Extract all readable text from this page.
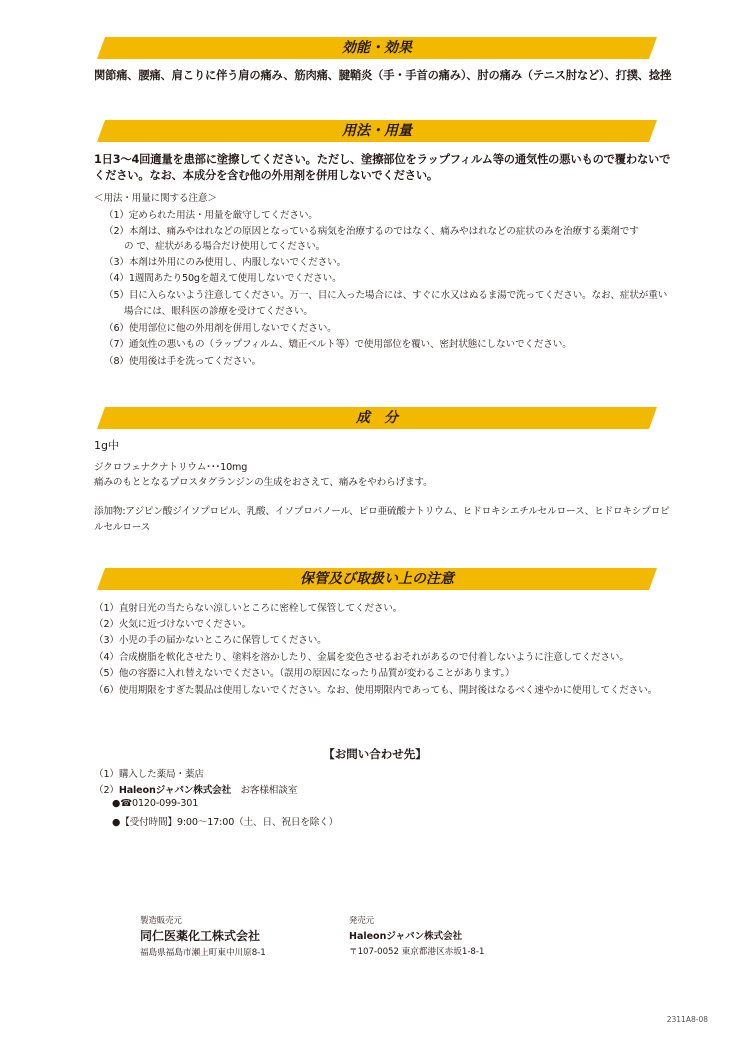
効能・効果
関節痛、腰痛、肩こりに伴う肩の痛み、筋肉痛、腱鞘炎（手・手首の痛み）、肘の痛み（テニス肘など）、打撲、捻挫
用法・用量
1日3〜4回適量を患部に塗擦してください。ただし、塗擦部位をラップフィルム等の通気性の悪いもので覆わないで
ください。なお、本成分を含む他の外用剤を併用しないでください。
＜用法・用量に関する注意＞
（1）定められた用法・用量を厳守してください。
（2）本剤は、痛みやはれなどの原因となっている病気を治療するのではなく、痛みやはれなどの症状のみを治療する薬剤です
の で、症状がある場合だけ使用してください。
（3）本剤は外用にのみ使用し、内服しないでください。
（4）1週間あたり50gを超えて使用しないでください。
（5）目に入らないよう注意してください。万一、目に入った場合には、すぐに水又はぬるま湯で洗ってください。なお、症状が重い
場合には、眼科医の診療を受けてください。
（6）使用部位に他の外用剤を併用しないでください。
（7）通気性の悪いもの（ラップフィルム、矯正ベルト等）で使用部位を覆い、密封状態にしないでください。
（8）使用後は手を洗ってください。
成　分
1g中
ジクロフェナクナトリウム･･･10mg
痛みのもととなるプロスタグランジンの生成をおさえて、痛みをやわらげます。
添加物:アジピン酸ジイソプロピル、乳酸、イソプロパノール、ピロ亜硫酸ナトリウム、ヒドロキシエチルセルロース、ヒドロキシプロピ
ルセルロース
保管及び取扱い上の注意
（1）直射日光の当たらない涼しいところに密栓して保管してください。
（2）火気に近づけないでください。
（3）小児の手の届かないところに保管してください。
（4）合成樹脂を軟化させたり、塗料を溶かしたり、金属を変色させるおそれがあるので付着しないように注意してください。
（5）他の容器に入れ替えないでください。（誤用の原因になったり品質が変わることがあります。）
（6）使用期限をすぎた製品は使用しないでください。なお、使用期限内であっても、開封後はなるべく速やかに使用してください。
【お問い合わせ先】
（1）購入した薬局・薬店
（2）Haleonジャパン株式会社　お客様相談室
●☎0120-099-301
●【受付時間】9:00～17:00（土、日、祝日を除く）
製造販売元
同仁医薬化工株式会社
福島県福島市瀬上町東中川原8-1
発売元
Haleonジャパン株式会社
〒107-0052 東京都港区赤坂1-8-1
2311A8-08
